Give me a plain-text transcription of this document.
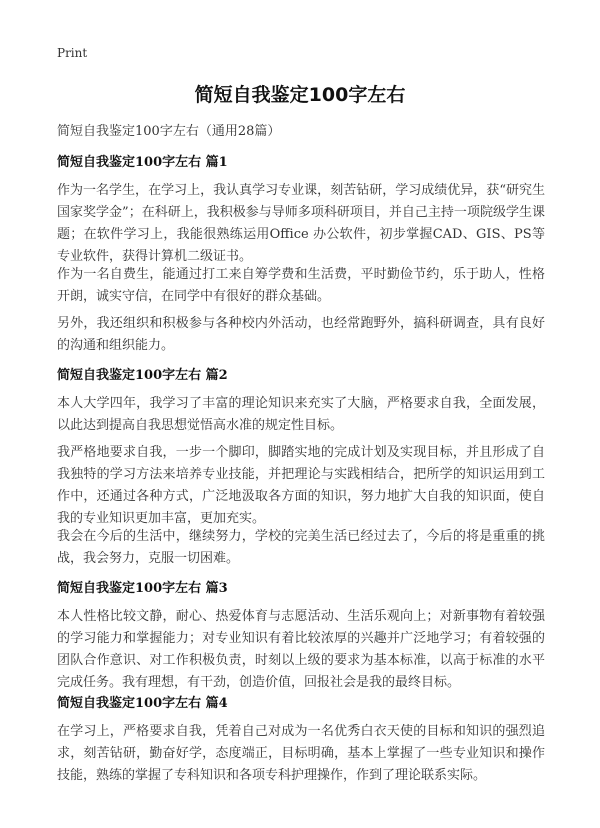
Print
简短自我鉴定100字左右
简短自我鉴定100字左右（通用28篇）
简短自我鉴定100字左右 篇1
作为一名学生，在学习上，我认真学习专业课，刻苦钻研，学习成绩优异，获“研究生国家奖学金”；在科研上，我积极参与导师多项科研项目，并自己主持一项院级学生课题；在软件学习上，我能很熟练运用Office 办公软件，初步掌握CAD、GIS、PS等专业软件，获得计算机二级证书。
作为一名自费生，能通过打工来自筹学费和生活费，平时勤俭节约，乐于助人，性格开朗，诚实守信，在同学中有很好的群众基础。
另外，我还组织和积极参与各种校内外活动，也经常跑野外，搞科研调查，具有良好的沟通和组织能力。
简短自我鉴定100字左右 篇2
本人大学四年，我学习了丰富的理论知识来充实了大脑，严格要求自我，全面发展，以此达到提高自我思想觉悟高水准的规定性目标。
我严格地要求自我，一步一个脚印，脚踏实地的完成计划及实现目标，并且形成了自我独特的学习方法来培养专业技能，并把理论与实践相结合，把所学的知识运用到工作中，还通过各种方式，广泛地汲取各方面的知识，努力地扩大自我的知识面，使自我的专业知识更加丰富，更加充实。
我会在今后的生活中，继续努力，学校的完美生活已经过去了，今后的将是重重的挑战，我会努力，克服一切困难。
简短自我鉴定100字左右 篇3
本人性格比较文静，耐心、热爱体育与志愿活动、生活乐观向上；对新事物有着较强的学习能力和掌握能力；对专业知识有着比较浓厚的兴趣并广泛地学习；有着较强的团队合作意识、对工作积极负责，时刻以上级的要求为基本标准，以高于标准的水平完成任务。我有理想，有干劲，创造价值，回报社会是我的最终目标。
简短自我鉴定100字左右 篇4
在学习上，严格要求自我，凭着自己对成为一名优秀白衣天使的目标和知识的强烈追求，刻苦钻研，勤奋好学，态度端正，目标明确，基本上掌握了一些专业知识和操作技能，熟练的掌握了专科知识和各项专科护理操作，作到了理论联系实际。
